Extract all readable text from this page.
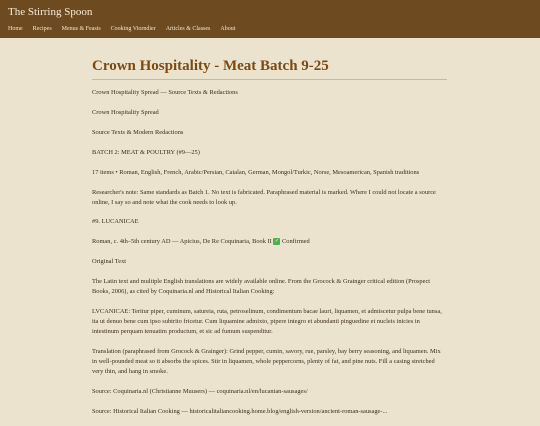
The Stirring Spoon
Home Recipes Menus & Feasts Cooking Viorndier Articles & Classes About
Crown Hospitality - Meat Batch 9-25

Crown Hospitality Spread — Source Texts & Redactions

Crown Hospitality Spread

Source Texts & Modern Redactions

BATCH 2: MEAT & POULTRY (#9—25)

17 items • Roman, English, French, Arabic/Persian, Catalan, German, Mongol/Turkic, Norse, Mesoamerican, Spanish traditions

Researcher's note: Same standards as Batch 1. No text is fabricated. Paraphrased material is marked. Where I could not locate a source online, I say so and note what the cook needs to look up.

#9. LUCANICAE

Roman, c. 4th–5th century AD — Apicius, De Re Coquinaria, Book II ✓ Confirmed

Original Text

The Latin text and multiple English translations are widely available online. From the Grocock & Grainger critical edition (Prospect Books, 2006), as cited by Coquinaria.nl and Historical Italian Cooking:

LVCANICAE: Teritur piper, cuminum, satureia, ruta, petroselinum, condimentum bacae lauri, liquamen, et admiscetur pulpa bene tunsa, ita ut denuo bene cum ipso subtrito fricetur. Cum liquamine admixto, pipere integro et abundanti pinguedine et nucleis inicies in intestinum perquam tenuatim productum, et sic ad fumum suspenditur.

Translation (paraphrased from Grocock & Grainger): Grind pepper, cumin, savory, rue, parsley, bay berry seasoning, and liquamen. Mix in well-pounded meat so it absorbs the spices. Stir in liquamen, whole peppercorns, plenty of fat, and pine nuts. Fill a casing stretched very thin, and hang in smoke.

Source: Coquinaria.nl (Christianne Muusers) — coquinaria.nl/en/lucanian-sausages/

Source: Historical Italian Cooking — historicalitaliancooking.home.blog/english-version/ancient-roman-sausage-...
